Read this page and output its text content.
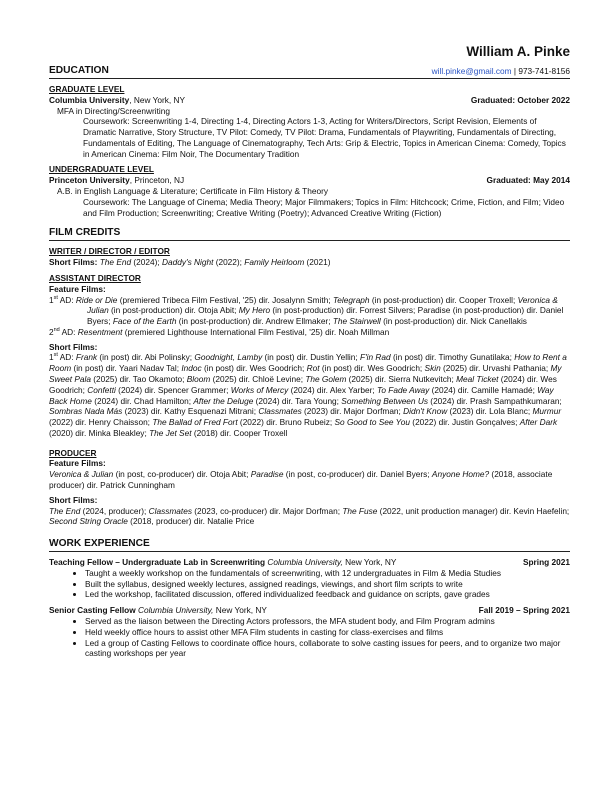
William A. Pinke
EDUCATION	will.pinke@gmail.com | 973-741-8156
GRADUATE LEVEL
Columbia University, New York, NY	Graduated: October 2022
MFA in Directing/Screenwriting
Coursework: Screenwriting 1-4, Directing 1-4, Directing Actors 1-3, Acting for Writers/Directors, Script Revision, Elements of Dramatic Narrative, Story Structure, TV Pilot: Comedy, TV Pilot: Drama, Fundamentals of Playwriting, Fundamentals of Directing, Fundamentals of Editing, The Language of Cinematography, Tech Arts: Grip & Electric, Topics in American Cinema: Comedy, Topics in American Cinema: Film Noir, The Documentary Tradition
UNDERGRADUATE LEVEL
Princeton University, Princeton, NJ	Graduated: May 2014
A.B. in English Language & Literature; Certificate in Film History & Theory
Coursework: The Language of Cinema; Media Theory; Major Filmmakers; Topics in Film: Hitchcock; Crime, Fiction, and Film; Video and Film Production; Screenwriting; Creative Writing (Poetry); Advanced Creative Writing (Fiction)
FILM CREDITS
WRITER / DIRECTOR / EDITOR
Short Films: The End (2024); Daddy's Night (2022); Family Heirloom (2021)
ASSISTANT DIRECTOR
Feature Films:
1st AD: Ride or Die (premiered Tribeca Film Festival, '25) dir. Josalynn Smith; Telegraph (in post-production) dir. Cooper Troxell; Veronica & Julian (in post-production) dir. Otoja Abit; My Hero (in post-production) dir. Forrest Silvers; Paradise (in post-production) dir. Daniel Byers; Face of the Earth (in post-production) dir. Andrew Ellmaker; The Stairwell (in post-production) dir. Nick Canellakis
2nd AD: Resentment (premiered Lighthouse International Film Festival, '25) dir. Noah Millman
Short Films:
1st AD: Frank (in post) dir. Abi Polinsky; Goodnight, Lamby (in post) dir. Dustin Yellin; F'in Rad (in post) dir. Timothy Gunatilaka; How to Rent a Room (in post) dir. Yaari Nadav Tal; Indoc (in post) dir. Wes Goodrich; Rot (in post) dir. Wes Goodrich; Skin (2025) dir. Urvashi Pathania; My Sweet Pala (2025) dir. Tao Okamoto; Bloom (2025) dir. Chloë Levine; The Golem (2025) dir. Sierra Nutkevitch; Meal Ticket (2024) dir. Wes Goodrich; Confetti (2024) dir. Spencer Grammer; Works of Mercy (2024) dir. Alex Yarber; To Fade Away (2024) dir. Camille Hamadé; Way Back Home (2024) dir. Chad Hamilton; After the Deluge (2024) dir. Tara Young; Something Between Us (2024) dir. Prash Sampathkumaran; Sombras Nada Más (2023) dir. Kathy Esquenazi Mitrani; Classmates (2023) dir. Major Dorfman; Didn't Know (2023) dir. Lola Blanc; Murmur (2022) dir. Henry Chaisson; The Ballad of Fred Fort (2022) dir. Bruno Rubeiz; So Good to See You (2022) dir. Justin Gonçalves; After Dark (2020) dir. Minka Bleakley; The Jet Set (2018) dir. Cooper Troxell
PRODUCER
Feature Films:
Veronica & Julian (in post, co-producer) dir. Otoja Abit; Paradise (in post, co-producer) dir. Daniel Byers; Anyone Home? (2018, associate producer) dir. Patrick Cunningham
Short Films:
The End (2024, producer); Classmates (2023, co-producer) dir. Major Dorfman; The Fuse (2022, unit production manager) dir. Kevin Haefelin; Second String Oracle (2018, producer) dir. Natalie Price
WORK EXPERIENCE
Teaching Fellow – Undergraduate Lab in Screenwriting Columbia University, New York, NY	Spring 2021
• Taught a weekly workshop on the fundamentals of screenwriting, with 12 undergraduates in Film & Media Studies
• Built the syllabus, designed weekly lectures, assigned readings, viewings, and short film scripts to write
• Led the workshop, facilitated discussion, offered individualized feedback and guidance on scripts, gave grades
Senior Casting Fellow Columbia University, New York, NY	Fall 2019 – Spring 2021
• Served as the liaison between the Directing Actors professors, the MFA student body, and Film Program admins
• Held weekly office hours to assist other MFA Film students in casting for class-exercises and films
• Led a group of Casting Fellows to coordinate office hours, collaborate to solve casting issues for peers, and to organize two major casting workshops per year
